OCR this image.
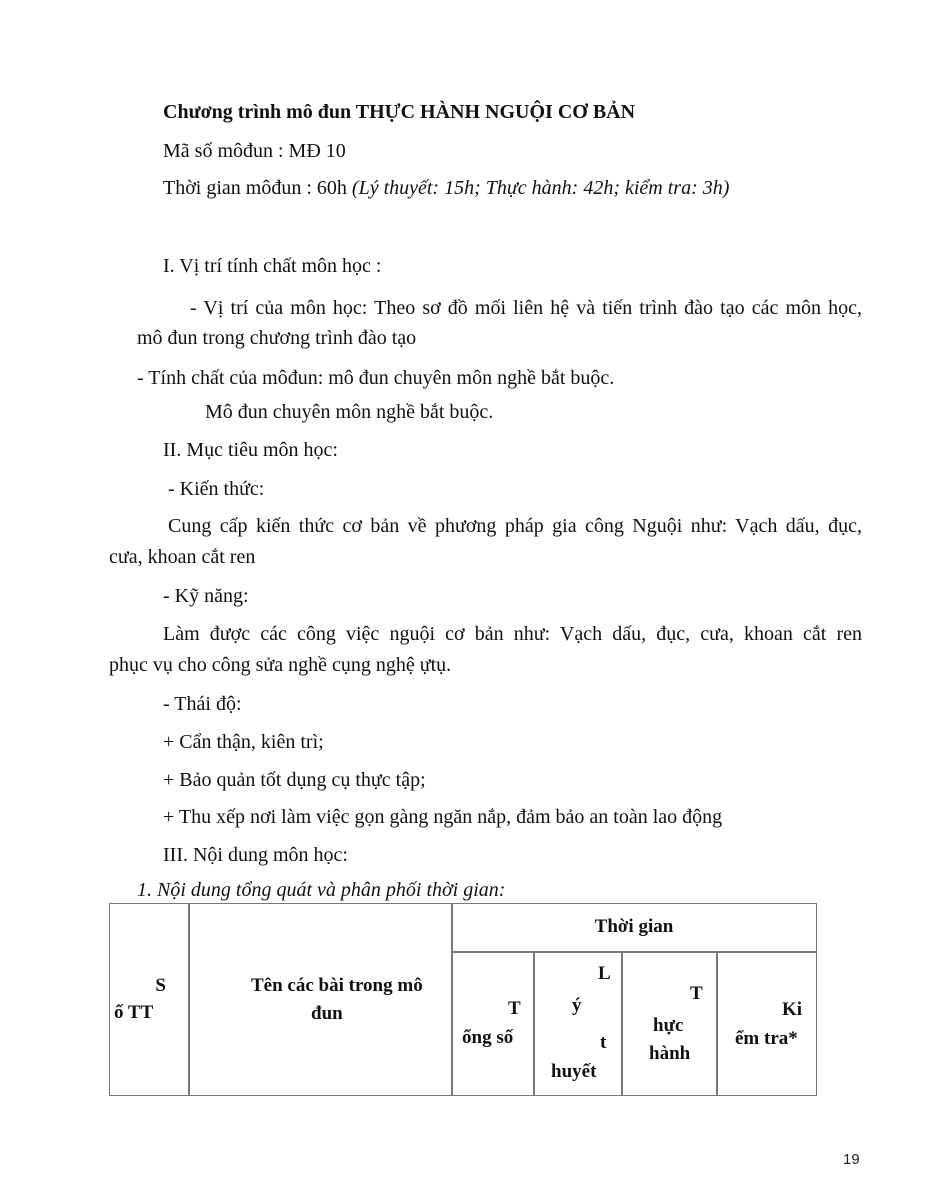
Chương trình mô đun THỰC HÀNH NGUỘI CƠ BẢN
Mã số môđun : MĐ 10
Thời gian môđun : 60h (Lý thuyết: 15h; Thực hành: 42h; kiểm tra: 3h)
I. Vị trí tính chất môn học :
- Vị trí của môn học: Theo sơ đồ mối liên hệ và tiến trình đào tạo các môn học,
mô đun trong chương trình đào tạo
- Tính chất của môđun: mô đun chuyên môn nghề bắt buộc.
Mô đun chuyên môn nghề bắt buộc.
II. Mục tiêu môn học:
- Kiến thức:
Cung cấp kiến thức cơ bản về phương pháp gia công Nguội như: Vạch dấu, đục,
cưa, khoan cắt ren
- Kỹ năng:
Làm được các công việc nguội cơ bản như: Vạch dấu, đục, cưa, khoan cắt ren
phục vụ cho công sửa nghề cụng nghệ ựtụ.
- Thái độ:
+ Cẩn thận, kiên trì;
+ Bảo quản tốt dụng cụ thực tập;
+ Thu xếp nơi làm việc gọn gàng ngăn nắp, đảm bảo an toàn lao động
III. Nội dung môn học:
1. Nội dung tổng quát và phân phối thời gian:
S
ố TT
Tên các bài trong mô
đun
Thời gian
T
ổng số
L
ý
t
huyết
T
hực
hành
Ki
ểm tra*
19
